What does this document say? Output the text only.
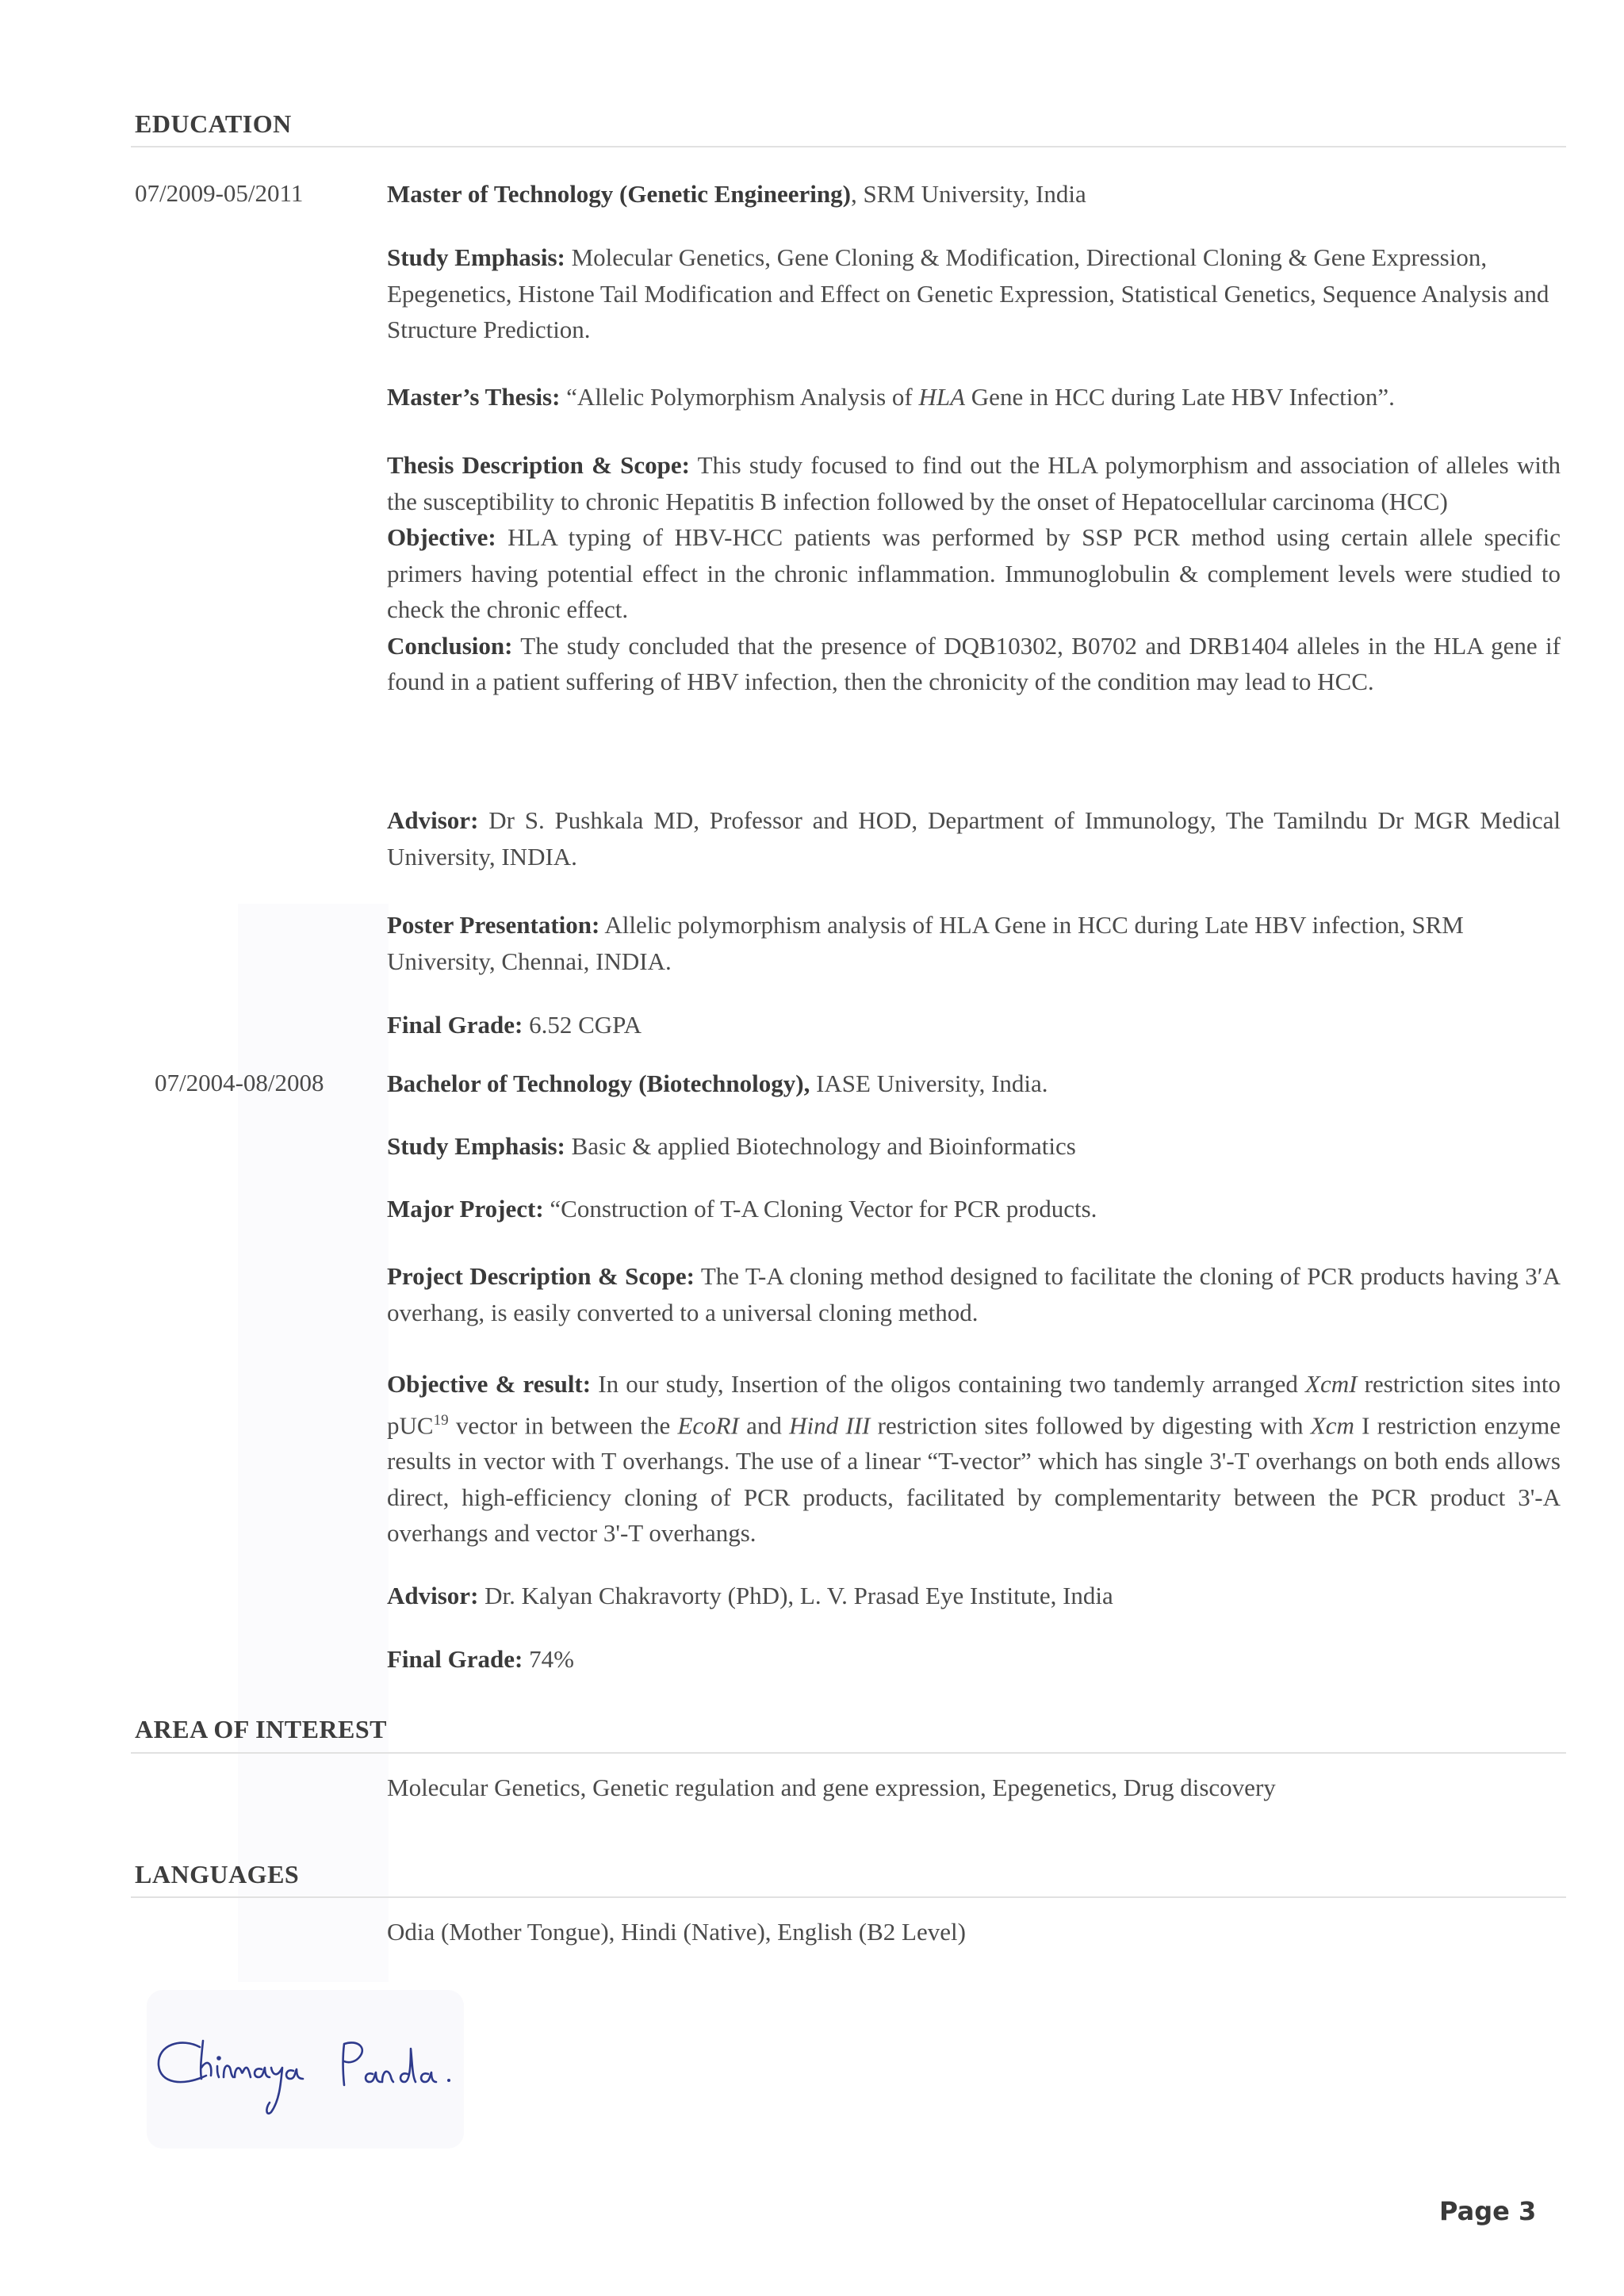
EDUCATION
07/2009-05/2011	Master of Technology (Genetic Engineering), SRM University, India
Study Emphasis: Molecular Genetics, Gene Cloning & Modification, Directional Cloning & Gene Expression, Epegenetics, Histone Tail Modification and Effect on Genetic Expression, Statistical Genetics, Sequence Analysis and Structure Prediction.
Master’s Thesis: “Allelic Polymorphism Analysis of HLA Gene in HCC during Late HBV Infection”.
Thesis Description & Scope: This study focused to find out the HLA polymorphism and association of alleles with the susceptibility to chronic Hepatitis B infection followed by the onset of Hepatocellular carcinoma (HCC)
Objective: HLA typing of HBV-HCC patients was performed by SSP PCR method using certain allele specific primers having potential effect in the chronic inflammation. Immunoglobulin & complement levels were studied to check the chronic effect.
Conclusion: The study concluded that the presence of DQB10302, B0702 and DRB1404 alleles in the HLA gene if found in a patient suffering of HBV infection, then the chronicity of the condition may lead to HCC.
Advisor: Dr S. Pushkala MD, Professor and HOD, Department of Immunology, The Tamilndu Dr MGR Medical University, INDIA.
Poster Presentation: Allelic polymorphism analysis of HLA Gene in HCC during Late HBV infection, SRM University, Chennai, INDIA.
Final Grade: 6.52 CGPA
07/2004-08/2008	Bachelor of Technology (Biotechnology), IASE University, India.
Study Emphasis: Basic & applied Biotechnology and Bioinformatics
Major Project: “Construction of T-A Cloning Vector for PCR products.
Project Description & Scope: The T-A cloning method designed to facilitate the cloning of PCR products having 3′A overhang, is easily converted to a universal cloning method.
Objective & result: In our study, Insertion of the oligos containing two tandemly arranged XcmI restriction sites into pUC$^{19}$ vector in between the EcoRI and Hind III restriction sites followed by digesting with Xcm I restriction enzyme results in vector with T overhangs. The use of a linear “T-vector” which has single 3'-T overhangs on both ends allows direct, high-efficiency cloning of PCR products, facilitated by complementarity between the PCR product 3'-A overhangs and vector 3'-T overhangs.
Advisor: Dr. Kalyan Chakravorty (PhD), L. V. Prasad Eye Institute, India
Final Grade: 74%
AREA OF INTEREST
Molecular Genetics, Genetic regulation and gene expression, Epegenetics, Drug discovery
LANGUAGES
Odia (Mother Tongue), Hindi (Native), English (B2 Level)
Page 3
